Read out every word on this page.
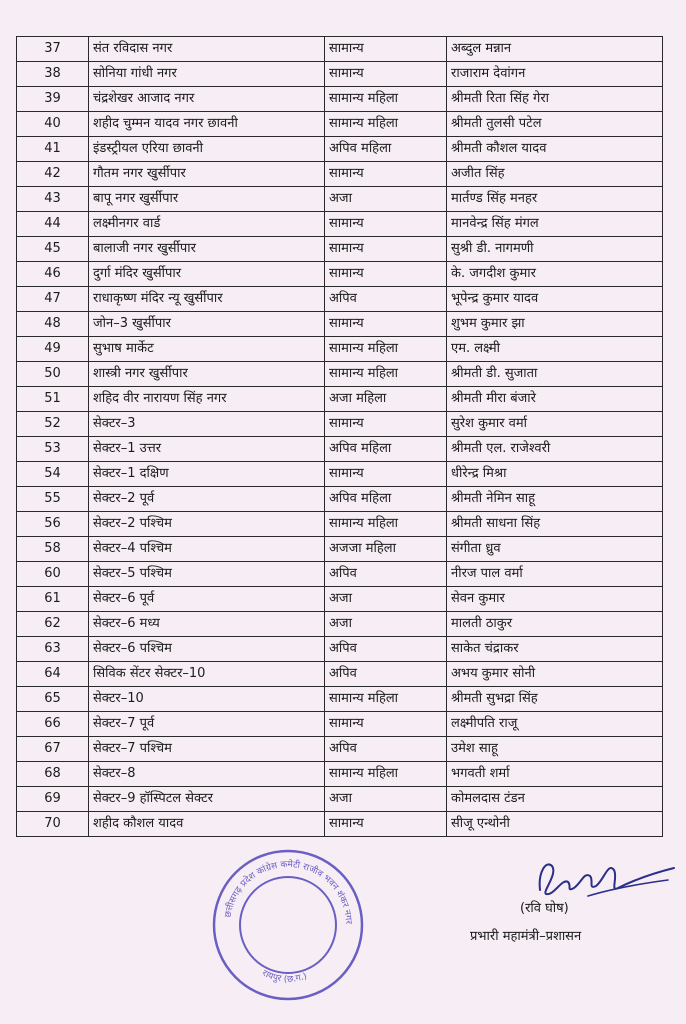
37	संत रविदास नगर	सामान्य	अब्दुल मन्नान
38	सोनिया गांधी नगर	सामान्य	राजाराम देवांगन
39	चंद्रशेखर आजाद नगर	सामान्य महिला	श्रीमती रिता सिंह गेरा
40	शहीद चुम्मन यादव नगर छावनी	सामान्य महिला	श्रीमती तुलसी पटेल
41	इंडस्ट्रीयल एरिया छावनी	अपिव महिला	श्रीमती कौशल यादव
42	गौतम नगर खुर्सीपार	सामान्य	अजीत सिंह
43	बापू नगर खुर्सीपार	अजा	मार्तण्ड सिंह मनहर
44	लक्ष्मीनगर वार्ड	सामान्य	मानवेन्द्र सिंह मंगल
45	बालाजी नगर खुर्सीपार	सामान्य	सुश्री डी. नागमणी
46	दुर्गा मंदिर खुर्सीपार	सामान्य	के. जगदीश कुमार
47	राधाकृष्ण मंदिर न्यू खुर्सीपार	अपिव	भूपेन्द्र कुमार यादव
48	जोन–3 खुर्सीपार	सामान्य	शुभम कुमार झा
49	सुभाष मार्केट	सामान्य महिला	एम. लक्ष्मी
50	शास्त्री नगर खुर्सीपार	सामान्य महिला	श्रीमती डी. सुजाता
51	शहिद वीर नारायण सिंह नगर	अजा महिला	श्रीमती मीरा बंजारे
52	सेक्टर–3	सामान्य	सुरेश कुमार वर्मा
53	सेक्टर–1 उत्तर	अपिव महिला	श्रीमती एल. राजेश्वरी
54	सेक्टर–1 दक्षिण	सामान्य	धीरेन्द्र मिश्रा
55	सेक्टर–2 पूर्व	अपिव महिला	श्रीमती नेमिन साहू
56	सेक्टर–2 पश्चिम	सामान्य महिला	श्रीमती साधना सिंह
58	सेक्टर–4 पश्चिम	अजजा महिला	संगीता ध्रुव
60	सेक्टर–5 पश्चिम	अपिव	नीरज पाल वर्मा
61	सेक्टर–6 पूर्व	अजा	सेवन कुमार
62	सेक्टर–6 मध्य	अजा	मालती ठाकुर
63	सेक्टर–6 पश्चिम	अपिव	साकेत चंद्राकर
64	सिविक सेंटर सेक्टर–10	अपिव	अभय कुमार सोनी
65	सेक्टर–10	सामान्य महिला	श्रीमती सुभद्रा सिंह
66	सेक्टर–7 पूर्व	सामान्य	लक्ष्मीपति राजू
67	सेक्टर–7 पश्चिम	अपिव	उमेश साहू
68	सेक्टर–8	सामान्य महिला	भगवती शर्मा
69	सेक्टर–9 हॉस्पिटल सेक्टर	अजा	कोमलदास टंडन
70	शहीद कौशल यादव	सामान्य	सीजू एन्थोनी
छत्तीसगढ़ प्रदेश कांग्रेस कमेटी राजीव भवन शंकर नगर
रायपुर (छ.ग.)
(रवि घोष)
प्रभारी महामंत्री–प्रशासन
